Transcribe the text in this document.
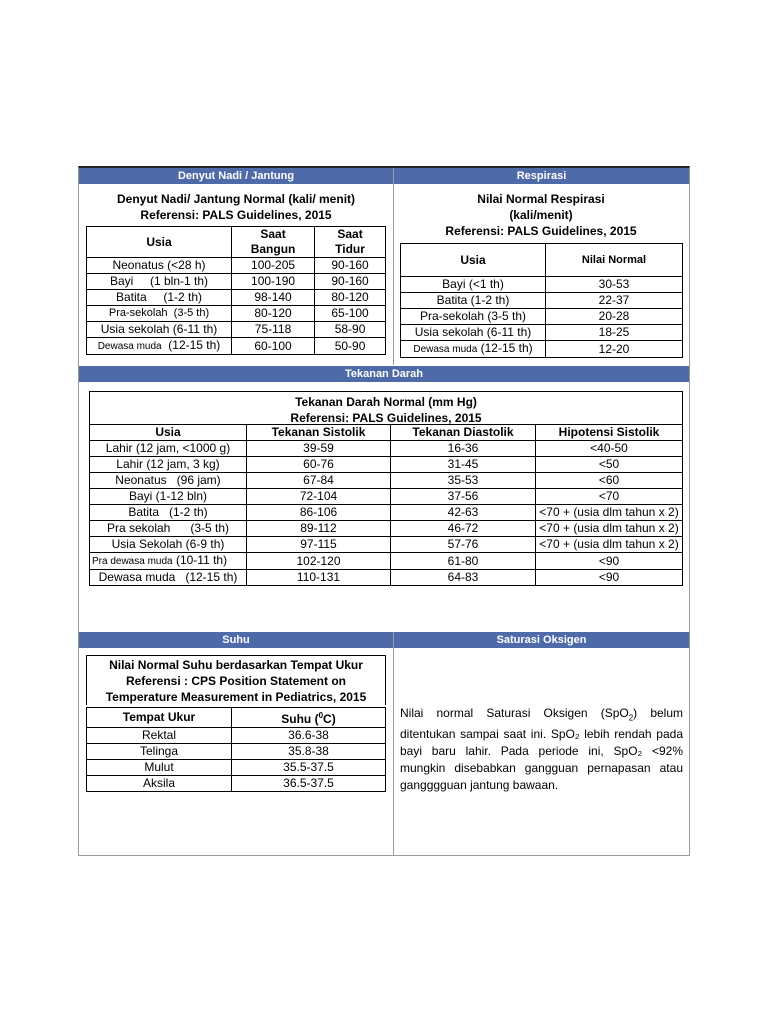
Denyut Nadi / Jantung	Respirasi
Tekanan Darah
Suhu	Saturasi Oksigen
Denyut Nadi/ Jantung Normal (kali/ menit)
Referensi: PALS Guidelines, 2015
Usia	Saat	Saat
	Bangun	Tidur
Neonatus (<28 h)	100-205	90-160
Bayi     (1 bln-1 th)	100-190	90-160
Batita     (1-2 th)	98-140	80-120
Pra-sekolah  (3-5 th)	80-120	65-100
Usia sekolah (6-11 th)	75-118	58-90
Dewasa muda  (12-15 th)	60-100	50-90
Nilai Normal Respirasi
(kali/menit)
Referensi: PALS Guidelines, 2015
Usia	Nilai Normal
Bayi (<1 th)	30-53
Batita (1-2 th)	22-37
Pra-sekolah (3-5 th)	20-28
Usia sekolah (6-11 th)	18-25
Dewasa muda (12-15 th)	12-20
Tekanan Darah Normal (mm Hg)
Referensi: PALS Guidelines, 2015
Usia	Tekanan Sistolik	Tekanan Diastolik	Hipotensi Sistolik
Lahir (12 jam, <1000 g)	39-59	16-36	<40-50
Lahir (12 jam, 3 kg)	60-76	31-45	<50
Neonatus   (96 jam)	67-84	35-53	<60
Bayi (1-12 bln)	72-104	37-56	<70
Batita   (1-2 th)	86-106	42-63	<70 + (usia dlm tahun x 2)
Pra sekolah      (3-5 th)	89-112	46-72	<70 + (usia dlm tahun x 2)
Usia Sekolah (6-9 th)	97-115	57-76	<70 + (usia dlm tahun x 2)
Pra dewasa muda (10-11 th)	102-120	61-80	<90
Dewasa muda   (12-15 th)	110-131	64-83	<90
Nilai Normal Suhu berdasarkan Tempat Ukur
Referensi : CPS Position Statement on
Temperature Measurement in Pediatrics, 2015
Tempat Ukur	Suhu ($^0$C)
Rektal	36.6-38
Telinga	35.8-38
Mulut	35.5-37.5
Aksila	36.5-37.5
Nilai normal Saturasi Oksigen (SpO$_2$) belum ditentukan sampai saat ini. SpO₂ lebih rendah pada bayi baru lahir. Pada periode ini, SpO₂ <92% mungkin disebabkan gangguan pernapasan atau gangggguan jantung bawaan.
